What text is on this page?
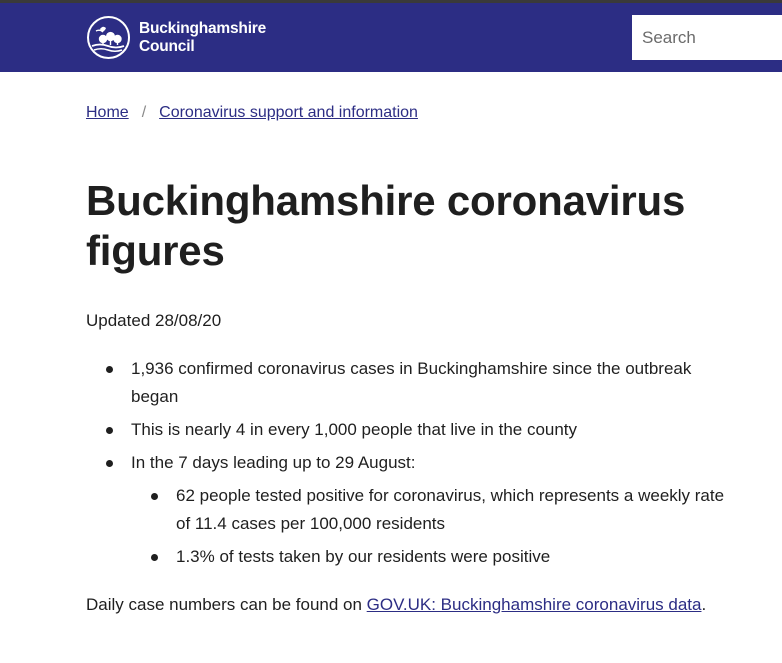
Buckinghamshire
Council
Search
Home / Coronavirus support and information
Buckinghamshire coronavirus figures

Updated 28/08/20

1,936 confirmed coronavirus cases in Buckinghamshire since the outbreak began
This is nearly 4 in every 1,000 people that live in the county
In the 7 days leading up to 29 August:
62 people tested positive for coronavirus, which represents a weekly rate of 11.4 cases per 100,000 residents
1.3% of tests taken by our residents were positive

Daily case numbers can be found on GOV.UK: Buckinghamshire coronavirus data.
